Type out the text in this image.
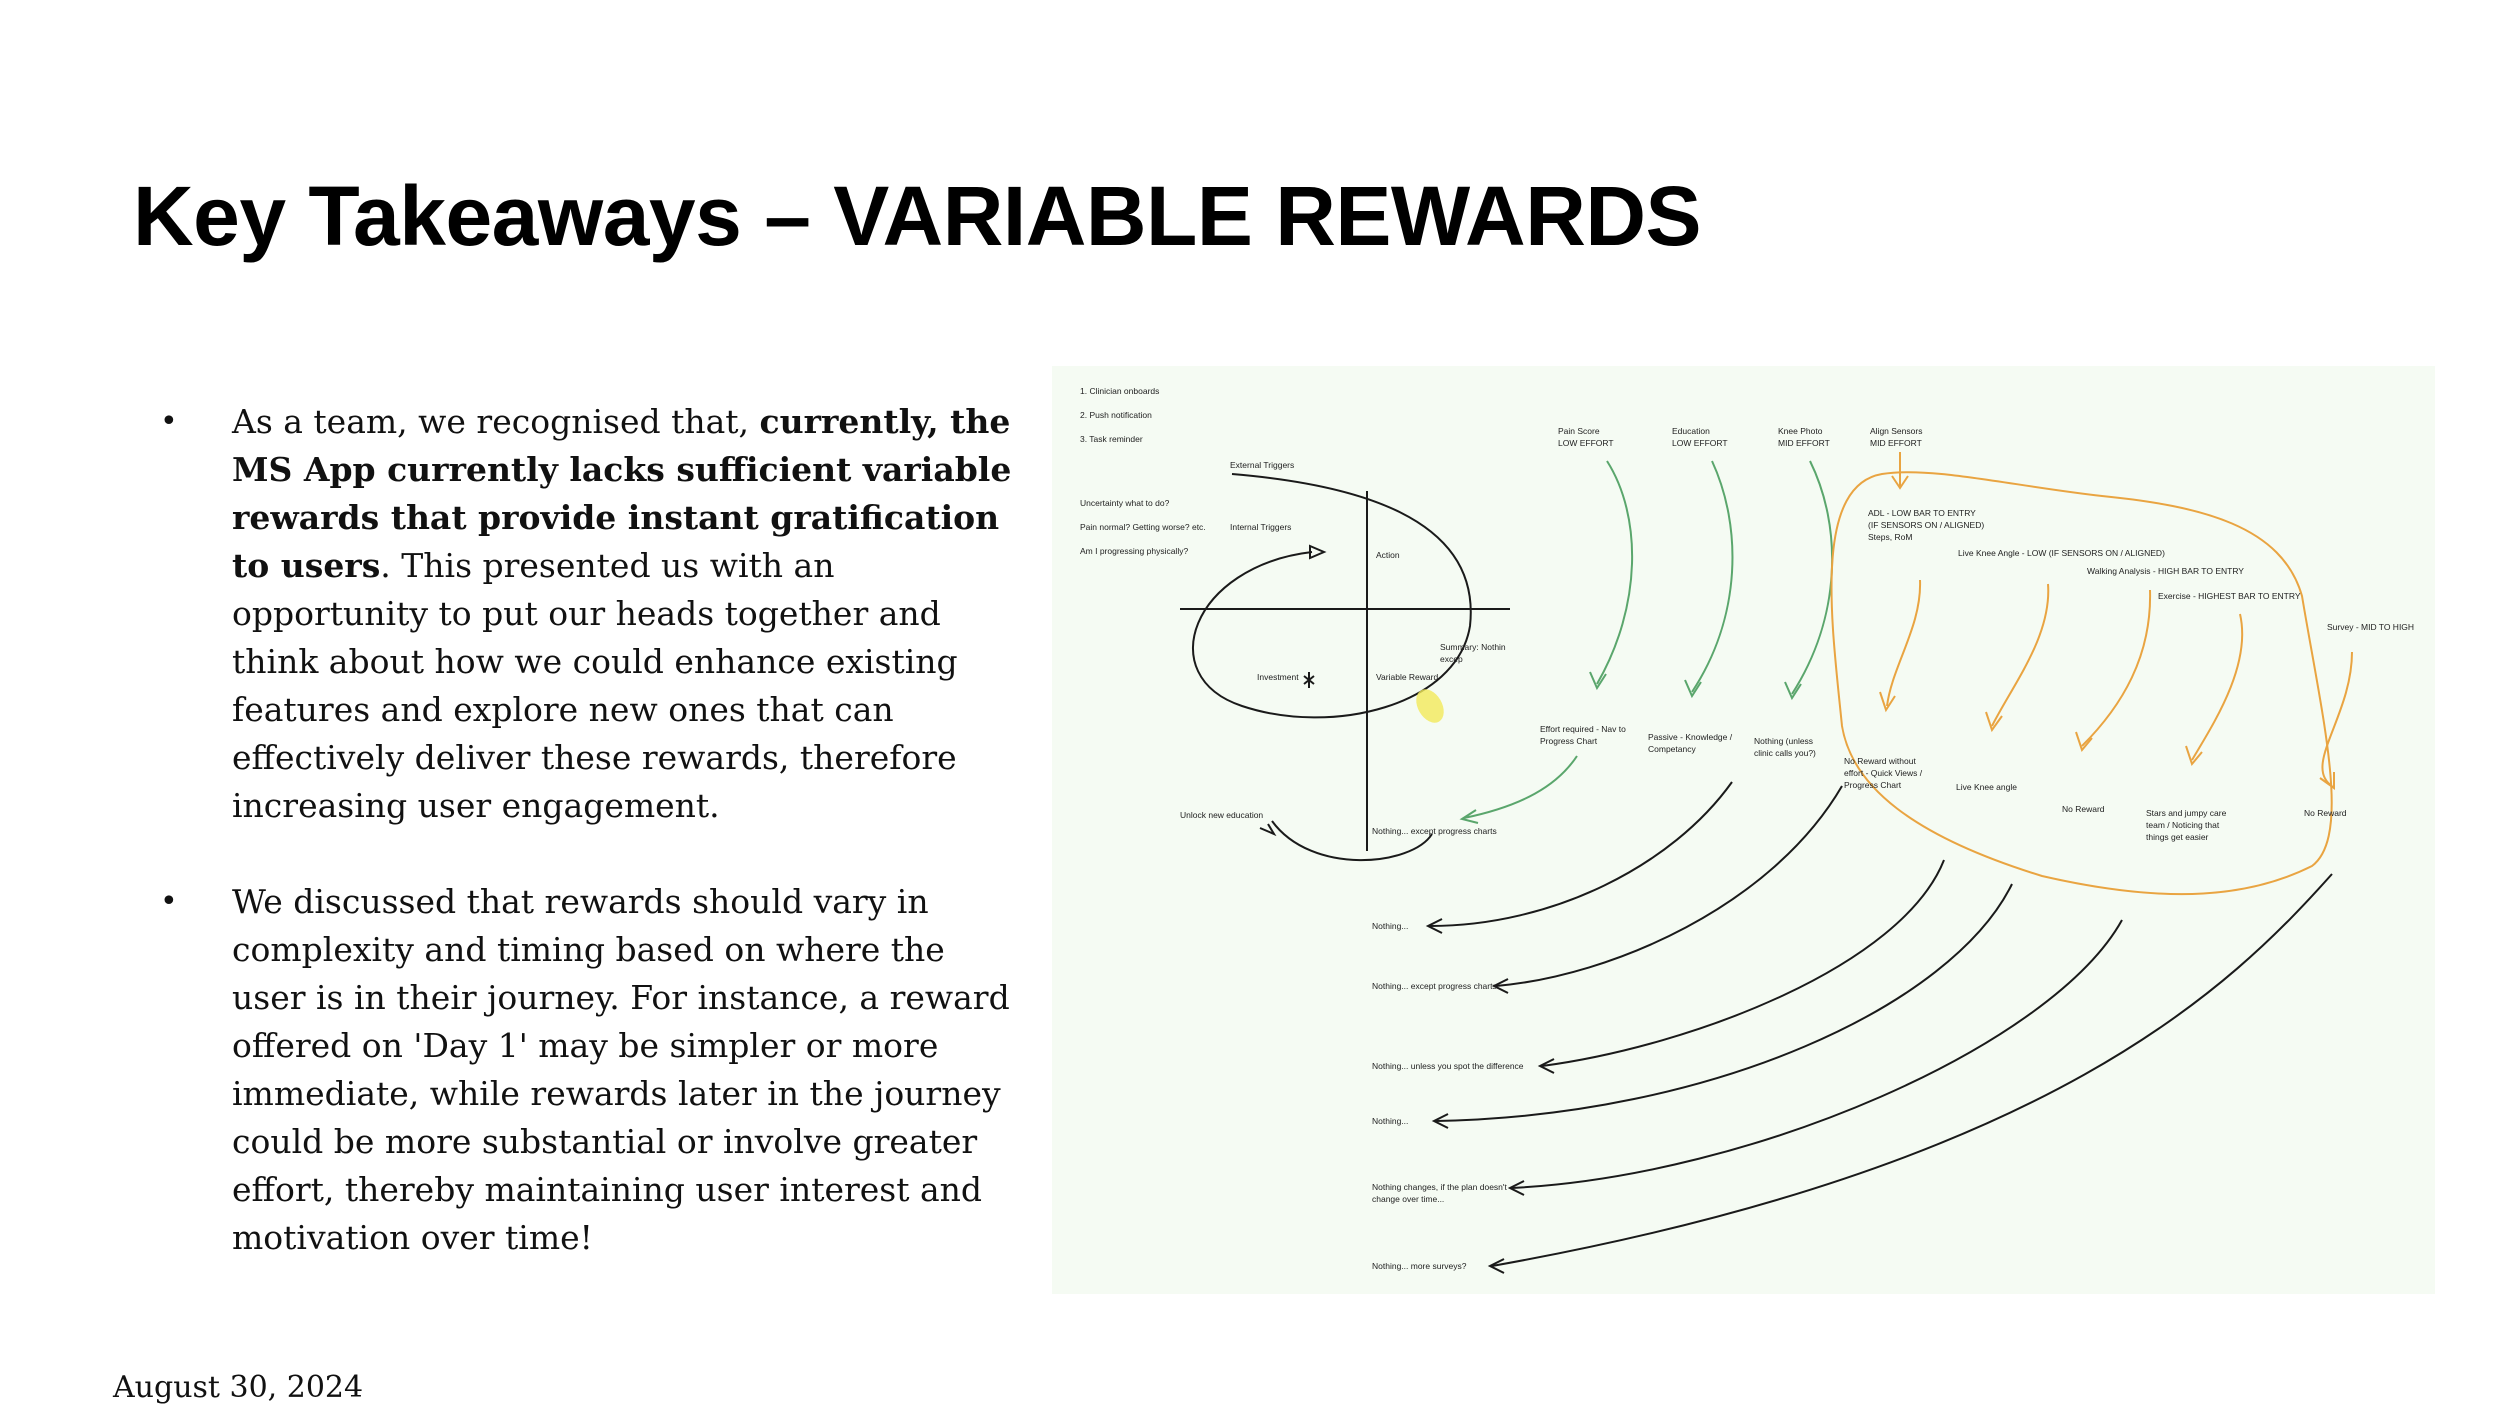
Key Takeaways – VARIABLE REWARDS
•	As a team, we recognised that, currently, the MS App currently lacks sufficient variable rewards that provide instant gratification to users. This presented us with an opportunity to put our heads together and think about how we could enhance existing features and explore new ones that can effectively deliver these rewards, therefore increasing user engagement.
•	We discussed that rewards should vary in complexity and timing based on where the user is in their journey. For instance, a reward offered on 'Day 1' may be simpler or more immediate, while rewards later in the journey could be more substantial or involve greater effort, thereby maintaining user interest and motivation over time!
1. Clinician onboards
2. Push notification
3. Task reminder
Uncertainty what to do?
Pain normal? Getting worse? etc.
Am I progressing physically?
External Triggers
Internal Triggers
Action
Investment	Variable Reward
Summary: Nothin
excep
Pain Score
LOW EFFORT
Education
LOW EFFORT
Knee Photo
MID EFFORT
Align Sensors
MID EFFORT
Effort required - Nav to
Progress Chart	Passive - Knowledge /
Competancy
Nothing (unless
clinic calls you?)
ADL - LOW BAR TO ENTRY
(IF SENSORS ON / ALIGNED)
Steps, RoM
Live Knee Angle - LOW (IF SENSORS ON / ALIGNED)
Walking Analysis - HIGH BAR TO ENTRY
Exercise - HIGHEST BAR TO ENTRY
Survey - MID TO HIGH
No Reward without
effort - Quick Views /
Progress Chart	Live Knee angle
No Reward	Stars and jumpy care
team / Noticing that
things get easier
No Reward
Unlock new education
Nothing... except progress charts
Nothing...
Nothing... except progress charts
Nothing... unless you spot the difference
Nothing...
Nothing changes, if the plan doesn't
change over time...
Nothing... more surveys?
August 30, 2024
